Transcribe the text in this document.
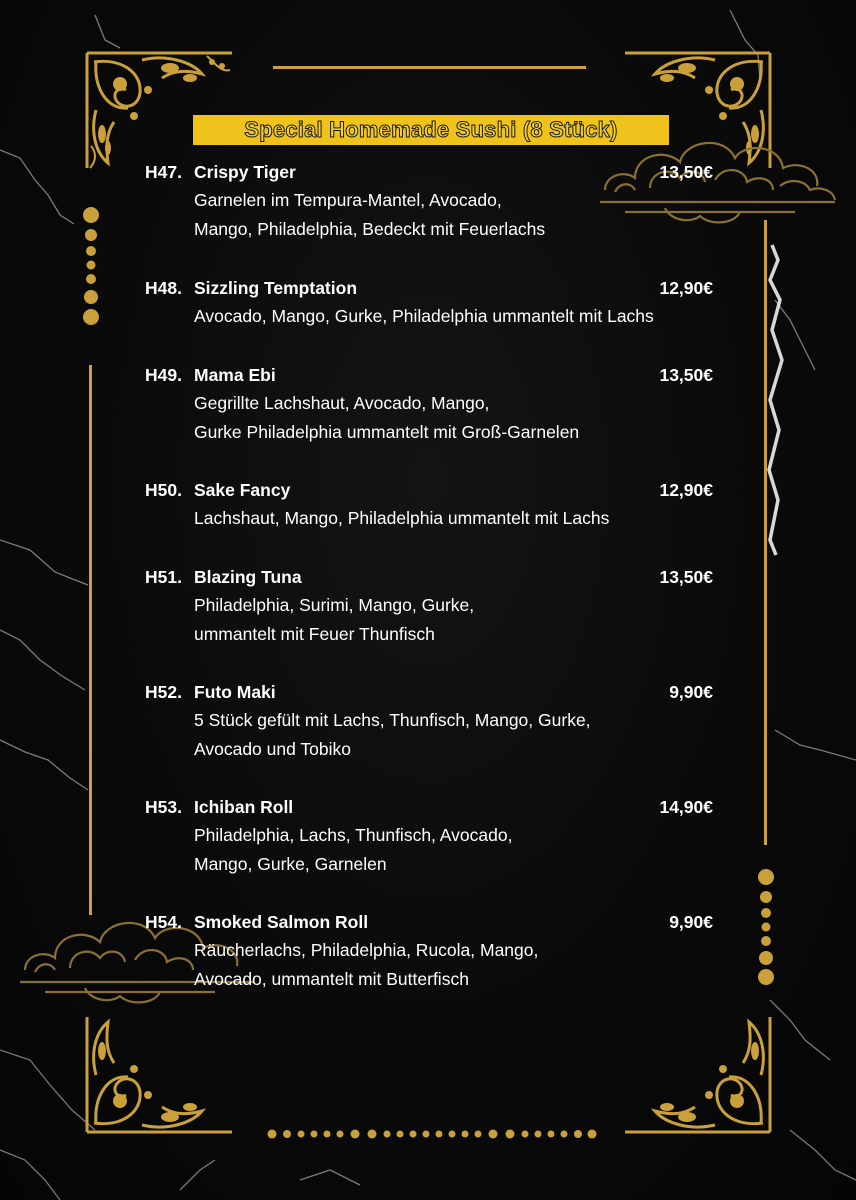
Special Homemade Sushi (8 Stück)
H47. Crispy Tiger	13,50€
Garnelen im Tempura-Mantel, Avocado,
Mango, Philadelphia, Bedeckt mit Feuerlachs
H48. Sizzling Temptation	12,90€
Avocado, Mango, Gurke, Philadelphia ummantelt mit Lachs
H49. Mama Ebi	13,50€
Gegrillte Lachshaut, Avocado, Mango,
Gurke Philadelphia ummantelt mit Groß-Garnelen
H50. Sake Fancy	12,90€
Lachshaut, Mango, Philadelphia ummantelt mit Lachs
H51. Blazing Tuna	13,50€
Philadelphia, Surimi, Mango, Gurke,
ummantelt mit Feuer Thunfisch
H52. Futo Maki	9,90€
5 Stück gefült mit Lachs, Thunfisch, Mango, Gurke,
Avocado und Tobiko
H53. Ichiban Roll	14,90€
Philadelphia, Lachs, Thunfisch, Avocado,
Mango, Gurke, Garnelen
H54. Smoked Salmon Roll	9,90€
Räucherlachs, Philadelphia, Rucola, Mango,
Avocado, ummantelt mit Butterfisch
